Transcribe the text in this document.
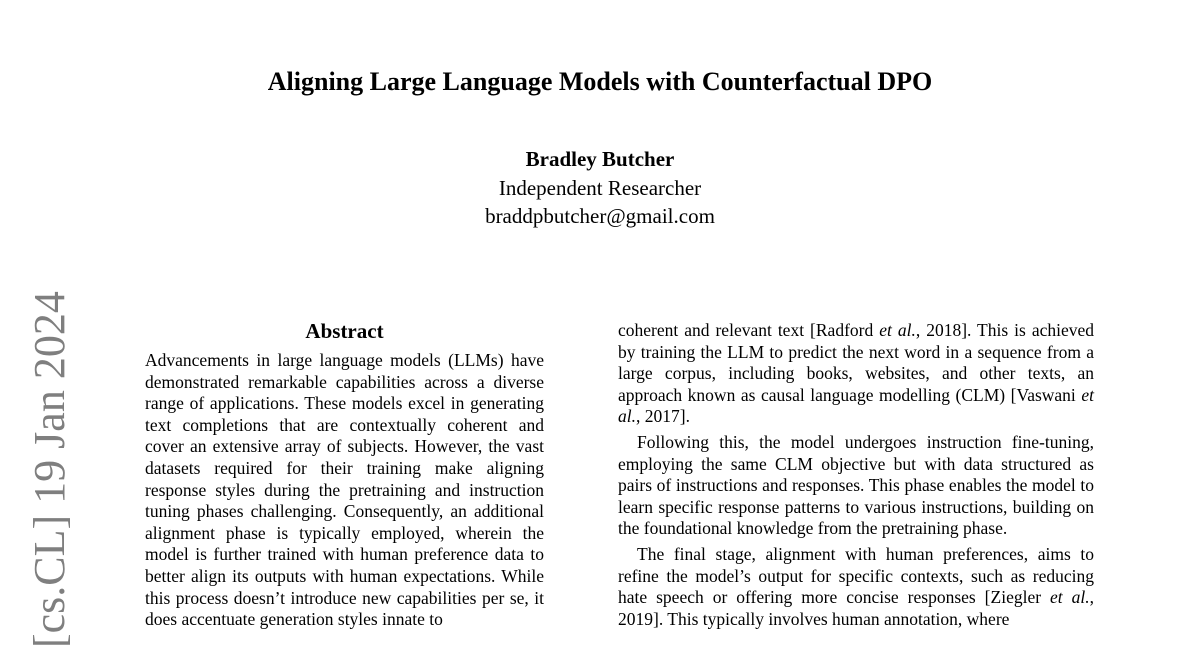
Aligning Large Language Models with Counterfactual DPO
Bradley Butcher
Independent Researcher
braddpbutcher@gmail.com
[cs.CL] 19 Jan 2024	Abstract

Advancements in large language models (LLMs) have demonstrated remarkable capabilities across a diverse range of applications. These models excel in generating text completions that are contextually coherent and cover an extensive array of subjects. However, the vast datasets required for their training make aligning response styles during the pretraining and instruction tuning phases challenging. Consequently, an additional alignment phase is typically employed, wherein the model is further trained with human preference data to better align its outputs with human expectations. While this process doesn’t introduce new capabilities per se, it does accentuate generation styles innate to

coherent and relevant text [Radford et al., 2018]. This is achieved by training the LLM to predict the next word in a sequence from a large corpus, including books, websites, and other texts, an approach known as causal language modelling (CLM) [Vaswani et al., 2017].

Following this, the model undergoes instruction fine-tuning, employing the same CLM objective but with data structured as pairs of instructions and responses. This phase enables the model to learn specific response patterns to various instructions, building on the foundational knowledge from the pretraining phase.

The final stage, alignment with human preferences, aims to refine the model’s output for specific contexts, such as reducing hate speech or offering more concise responses [Ziegler et al., 2019]. This typically involves human annotation, where
